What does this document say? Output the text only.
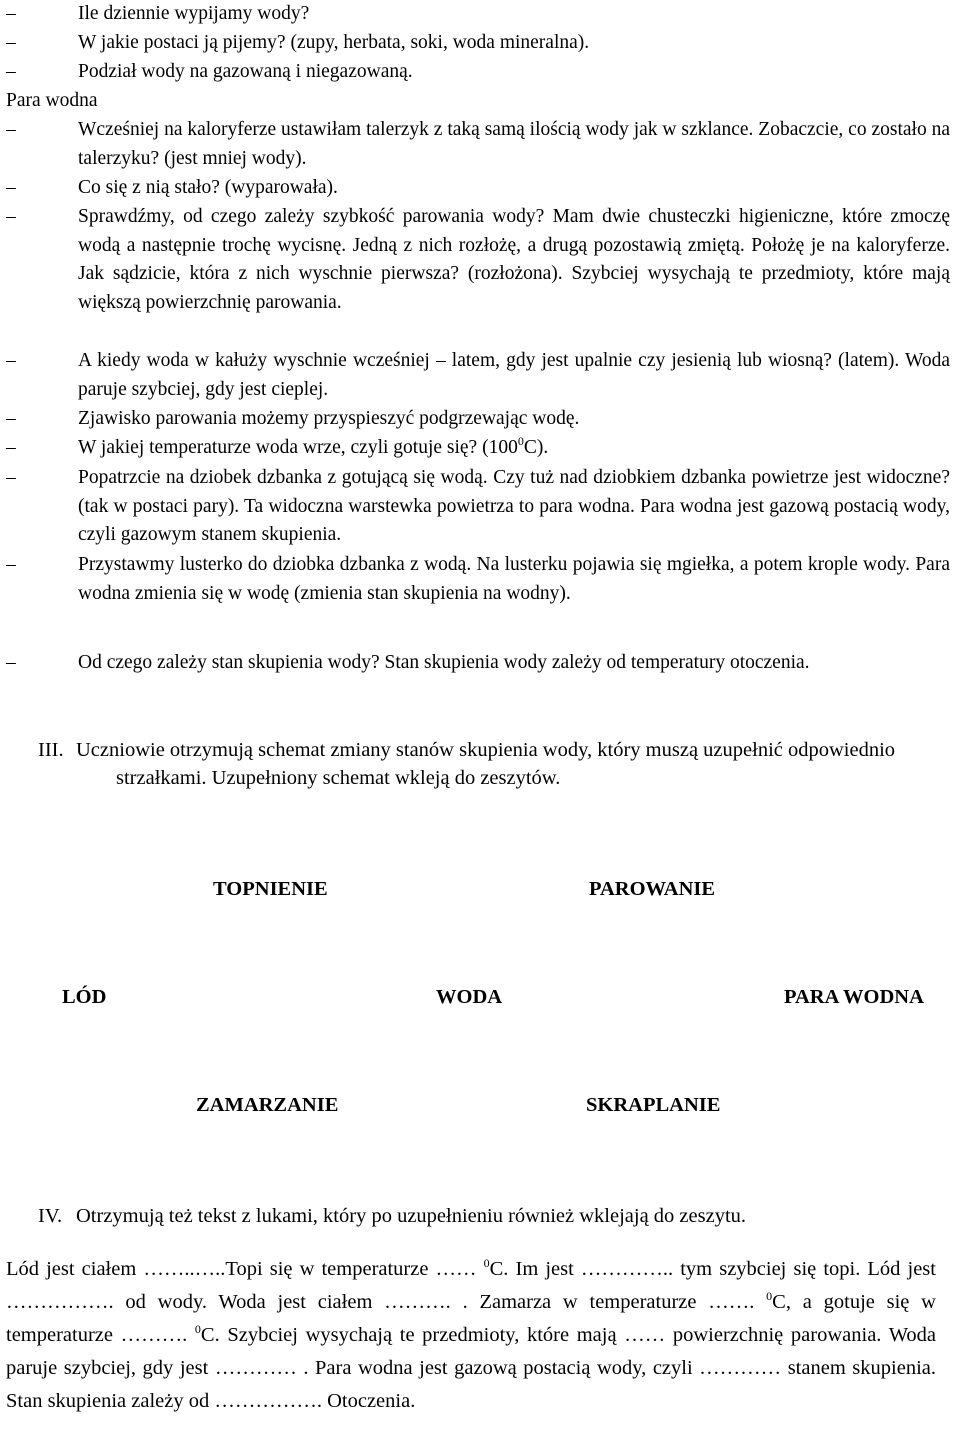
–	Ile dziennie wypijamy wody?
–	W jakie postaci ją pijemy? (zupy, herbata, soki, woda mineralna).
–	Podział wody na gazowaną i niegazowaną.
Para wodna
–	Wcześniej na kaloryferze ustawiłam talerzyk z taką samą ilością wody jak w szklance. Zobaczcie, co zostało na talerzyku? (jest mniej wody).
–	Co się z nią stało? (wyparowała).
–	Sprawdźmy, od czego zależy szybkość parowania wody? Mam dwie chusteczki higieniczne, które zmoczę wodą a następnie trochę wycisnę. Jedną z nich rozłożę, a drugą pozostawią zmiętą. Położę je na kaloryferze. Jak sądzicie, która z nich wyschnie pierwsza? (rozłożona). Szybciej wysychają te przedmioty, które mają większą powierzchnię parowania.
–	A kiedy woda w kałuży wyschnie wcześniej – latem, gdy jest upalnie czy jesienią lub wiosną? (latem). Woda paruje szybciej, gdy jest cieplej.
–	Zjawisko parowania możemy przyspieszyć podgrzewając wodę.
–	W jakiej temperaturze woda wrze, czyli gotuje się? $(100^0C)$.
–	Popatrzcie na dziobek dzbanka z gotującą się wodą. Czy tuż nad dziobkiem dzbanka powietrze jest widoczne? (tak w postaci pary). Ta widoczna warstewka powietrza to para wodna. Para wodna jest gazową postacią wody, czyli gazowym stanem skupienia.
–	Przystawmy lusterko do dziobka dzbanka z wodą. Na lusterku pojawia się mgiełka, a potem krople wody. Para wodna zmienia się w wodę (zmienia stan skupienia na wodny).
–	Od czego zależy stan skupienia wody? Stan skupienia wody zależy od temperatury otoczenia.
III. Uczniowie otrzymują schemat zmiany stanów skupienia wody, który muszą uzupełnić odpowiednio strzałkami. Uzupełniony schemat wkleją do zeszytów.
TOPNIENIE	PAROWANIE
LÓD	WODA	PARA WODNA
ZAMARZANIE	SKRAPLANIE
IV. Otrzymują też tekst z lukami, który po uzupełnieniu również wklejają do zeszytu.
Lód jest ciałem ……..…..Topi się w temperaturze …… $^0$C. Im jest ………….. tym szybciej się topi. Lód jest ……………. od wody. Woda jest ciałem ………. . Zamarza w temperaturze ……. $^0$C, a gotuje się w temperaturze ………. $^0$C. Szybciej wysychają te przedmioty, które mają …… powierzchnię parowania. Woda paruje szybciej, gdy jest ………… . Para wodna jest gazową postacią wody, czyli ………… stanem skupienia. Stan skupienia zależy od ……………. Otoczenia.
